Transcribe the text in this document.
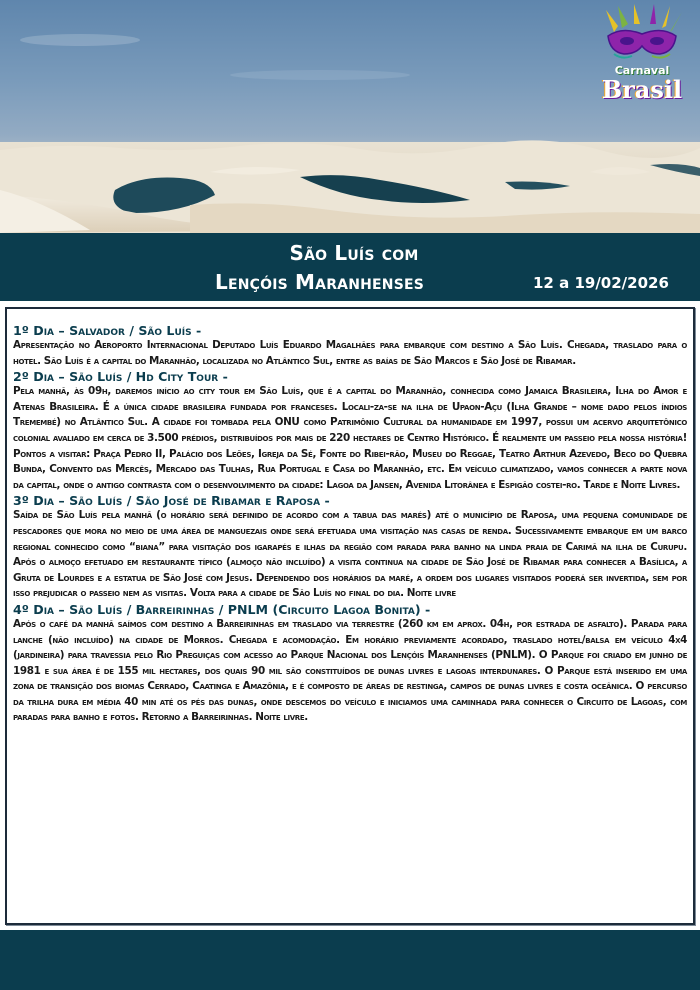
Carnaval
Brasil
São Luís com
Lençóis Maranhenses	12 a 19/02/2026
1º Dia – Salvador / São Luís -
Apresentação no Aeroporto Internacional Deputado Luís Eduardo Magalhães para embarque com destino a São Luís. Chegada, traslado para o hotel. São Luís é a capital do Maranhão, localizada no Atlântico Sul, entre as baías de São Marcos e São José de Ribamar.
2º Dia – São Luís / Hd City Tour -
Pela manhã, às 09h, daremos início ao city tour em São Luís, que é a capital do Maranhão, conhecida como Jamaica Brasileira, Ilha do Amor e Atenas Brasileira. É a única cidade brasileira fundada por franceses. Locali-za-se na ilha de Upaon-Açu (Ilha Grande – nome dado pelos índios Tremembé) no Atlântico Sul. A cidade foi tombada pela ONU como Patrimônio Cultural da humanidade em 1997, possui um acervo arquitetônico colonial avaliado em cerca de 3.500 prédios, distribuídos por mais de 220 hectares de Centro Histórico. É realmente um passeio pela nossa história! Pontos a visitar: Praça Pedro II, Palácio dos Leões, Igreja da Sé, Fonte do Ribei-rão, Museu do Reggae, Teatro Arthur Azevedo, Beco do Quebra Bunda, Convento das Mercês, Mercado das Tulhas, Rua Portugal e Casa do Maranhão, etc. Em veículo climatizado, vamos conhecer a parte nova da capital, onde o antigo contrasta com o desenvolvimento da cidade: Lagoa da Jansen, Avenida Litorânea e Espigão costei-ro. Tarde e Noite Livres.
3º Dia – São Luís / São José de Ribamar e Raposa -
Saída de São Luís pela manhã (o horário será definido de acordo com a tabua das marés) até o município de Raposa, uma pequena comunidade de pescadores que mora no meio de uma área de manguezais onde será efetuada uma visitação nas casas de renda. Sucessivamente embarque em um barco regional conhecido como “biana” para visitação dos igarapés e ilhas da região com parada para banho na linda praia de Carimã na ilha de Curupu. Após o almoço efetuado em restaurante típico (almoço não incluído) a visita continua na cidade de São José de Ribamar para conhecer a Basílica, a Gruta de Lourdes e a estatua de São José com Jesus. Dependendo dos horários da maré, a ordem dos lugares visitados poderá ser invertida, sem por isso prejudicar o passeio nem as visitas. Volta para a cidade de São Luís no final do dia. Noite livre
4º Dia – São Luís / Barreirinhas / PNLM (Circuito Lagoa Bonita) -
Após o café da manhã saímos com destino a Barreirinhas em traslado via terrestre (260 km em aprox. 04h, por estrada de asfalto). Parada para lanche (não incluído) na cidade de Morros. Chegada e acomodação. Em horário previamente acordado, traslado hotel/balsa em veículo 4x4 (jardineira) para travessia pelo Rio Preguiças com acesso ao Parque Nacional dos Lençóis Maranhenses (PNLM). O Parque foi criado em junho de 1981 e sua área é de 155 mil hectares, dos quais 90 mil são constituídos de dunas livres e lagoas interdunares. O Parque está inserido em uma zona de transição dos biomas Cerrado, Caatinga e Amazônia, e é composto de áreas de restinga, campos de dunas livres e costa oceânica. O percurso da trilha dura em média 40 min até os pés das dunas, onde descemos do veículo e iniciamos uma caminhada para conhecer o Circuito de Lagoas, com paradas para banho e fotos. Retorno a Barreirinhas. Noite livre.
